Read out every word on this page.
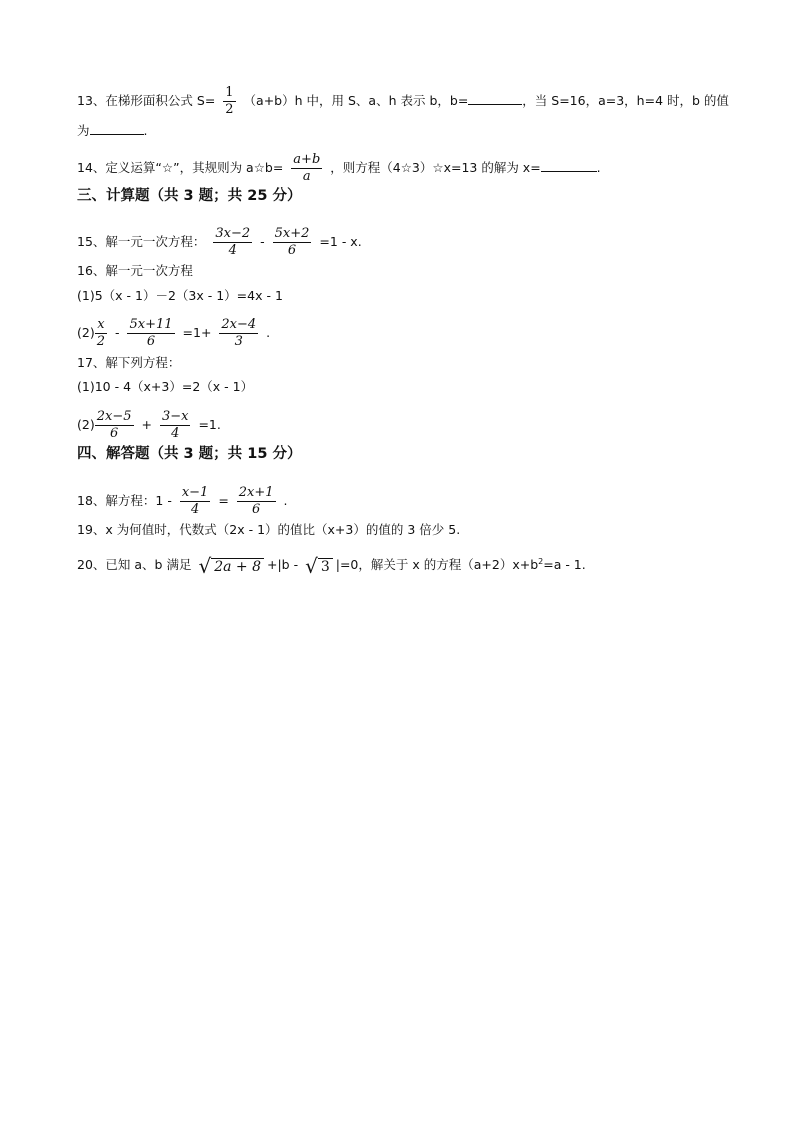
13、在梯形面积公式 $S= \frac{1}{2} (a+b)h$ 中，用 S、a、h 表示 b，b=	，当 S=16，a=3，h=4 时，b 的值
为	.
14、定义运算“☆”，其规则为 a☆b= $\frac{a+b}{a}$ ，则方程（4☆3）☆x=13 的解为 x=	.
三、计算题（共 3 题；共 25 分）
15、解一元一次方程： $\frac{3x-2}{4} - \frac{5x+2}{6} =1 - x$.
16、解一元一次方程
(1)5（x - 1）－2（3x - 1）=4x - 1
$(2) \frac{x}{2} - \frac{5x+11}{6} =1+ \frac{2x-4}{3}$ .
17、解下列方程：
(1)10 - 4（x+3）=2（x - 1）
$(2) \frac{2x-5}{6} + \frac{3-x}{4} =1$.
四、解答题（共 3 题；共 15 分）
18、解方程：$1 - \frac{x-1}{4} = \frac{2x+1}{6}$ .
19、x 为何值时，代数式（2x - 1）的值比（x+3）的值的 3 倍少 5.
20、已知 a、b 满足 √ 2a + 8 +|b - √ 3 |=0，解关于 x 的方程$(a+2)x+b^2=a - 1$.
